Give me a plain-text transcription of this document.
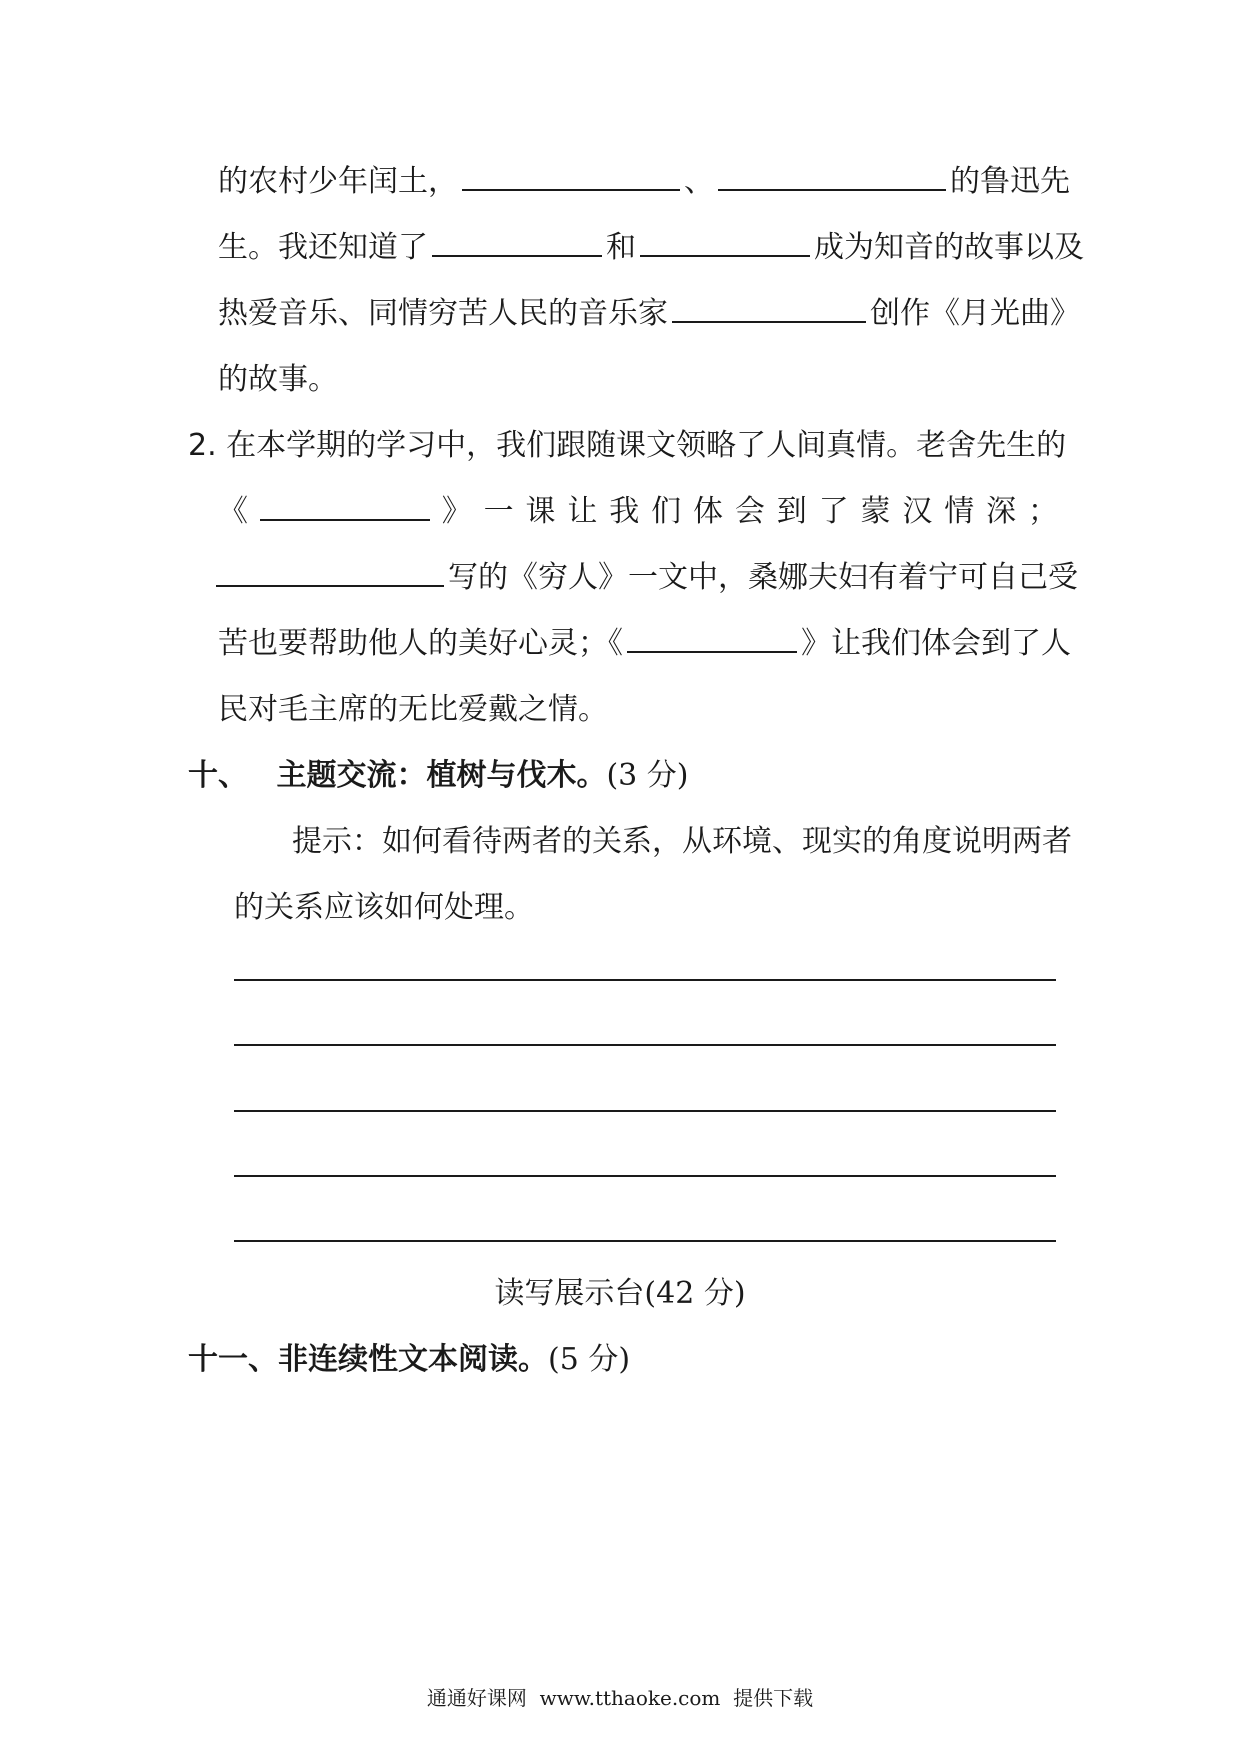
的农村少年闰土，	、	的鲁迅先
生。我还知道了	和	成为知音的故事以及
热爱音乐、同情穷苦人民的音乐家	创作《月光曲》
的故事。
2. 在本学期的学习中，我们跟随课文领略了人间真情。老舍先生的
《	》 一 课 让 我 们 体 会 到 了 蒙 汉 情 深 ；
写的《穷人》一文中，桑娜夫妇有着宁可自己受
苦也要帮助他人的美好心灵；《	》让我们体会到了人
民对毛主席的无比爱戴之情。
十、 主题交流：植树与伐木。(3 分)
提示：如何看待两者的关系，从环境、现实的角度说明两者
的关系应该如何处理。
读写展示台(42 分)
十一、非连续性文本阅读。(5 分)
通通好课网  www.tthaoke.com  提供下载
